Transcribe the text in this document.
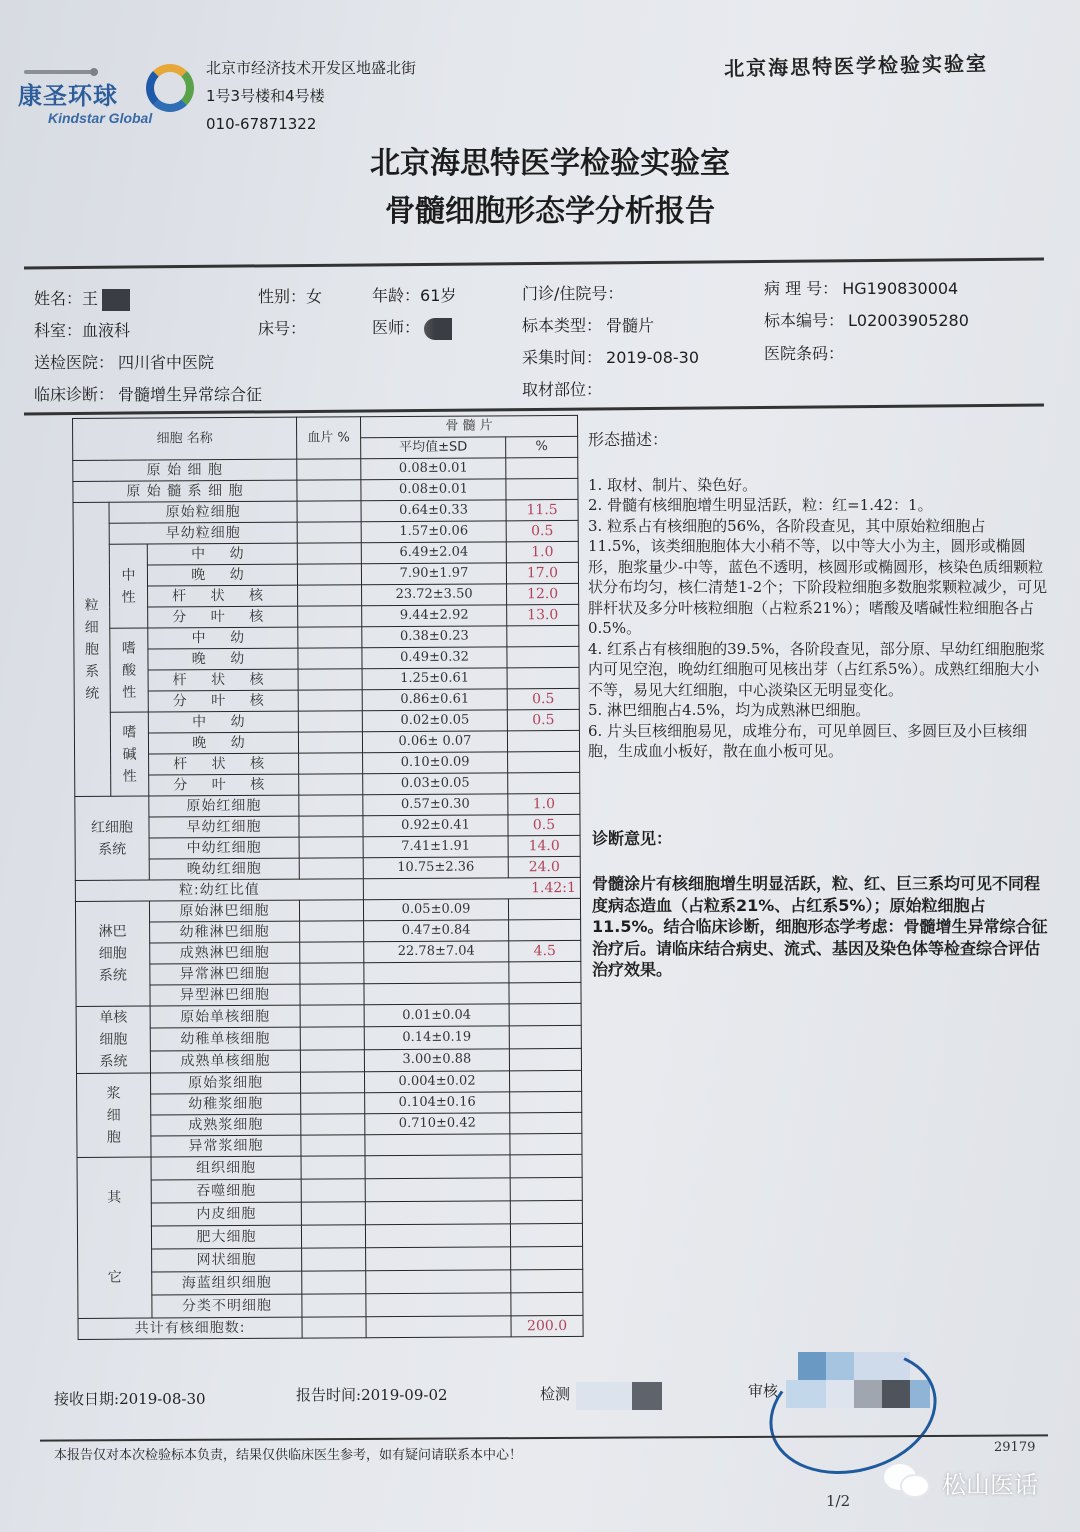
康圣环球
Kindstar Global
北京市经济技术开发区地盛北街
1号3号楼和4号楼
010-67871322
北京海思特医学检验实验室
北京海思特医学检验实验室
骨髓细胞形态学分析报告
姓名：王	性别：女	年龄：61岁	门诊/住院号：	病 理 号： HG190830004
科室：血液科	床号：	医师：	标本类型： 骨髓片	标本编号： L02003905280
送检医院： 四川省中医院	采集时间： 2019-08-30	医院条码：
临床诊断： 骨髓增生异常综合征	取材部位：
细胞 名称			血片 %	骨 髓 片	
				平均值±SD	%
原 始 细 胞				0.08±0.01	
原 始 髓 系 细 胞				0.08±0.01	
粒细胞系统	原始粒细胞			0.64±0.33	11.5
	早幼粒细胞			1.57±0.06	0.5
	中性	中 幼		6.49±2.04	1.0
		晚 幼		7.90±1.97	17.0
		杆 状 核		23.72±3.50	12.0
		分 叶 核		9.44±2.92	13.0
	嗜酸性	中 幼		0.38±0.23	
		晚 幼		0.49±0.32	
		杆 状 核		1.25±0.61	
		分 叶 核		0.86±0.61	0.5
	嗜碱性	中 幼		0.02±0.05	0.5
		晚 幼		0.06± 0.07	
		杆 状 核		0.10±0.09	
		分 叶 核		0.03±0.05	
红细胞系统		原始红细胞		0.57±0.30	1.0
		早幼红细胞		0.92±0.41	0.5
		中幼红细胞		7.41±1.91	14.0
		晚幼红细胞		10.75±2.36	24.0
粒:幼红比值				1.42:1	
淋巴细胞系统		原始淋巴细胞		0.05±0.09	
		幼稚淋巴细胞		0.47±0.84	
		成熟淋巴细胞		22.78±7.04	4.5
		异常淋巴细胞			
		异型淋巴细胞			
单核细胞系统		原始单核细胞		0.01±0.04	
		幼稚单核细胞		0.14±0.19	
		成熟单核细胞		3.00±0.88	
浆细胞		原始浆细胞		0.004±0.02	
		幼稚浆细胞		0.104±0.16	
		成熟浆细胞		0.710±0.42	
		异常浆细胞			
其它		组织细胞			
		吞噬细胞			
		内皮细胞			
		肥大细胞			
		网状细胞			
		海蓝组织细胞			
		分类不明细胞			
共计有核细胞数:					200.0
形态描述：

1. 取材、制片、染色好。

2. 骨髓有核细胞增生明显活跃，粒：红=1.42：1。

3. 粒系占有核细胞的56%，各阶段查见，其中原始粒细胞占11.5%，该类细胞胞体大小稍不等，以中等大小为主，圆形或椭圆形，胞浆量少-中等，蓝色不透明，核圆形或椭圆形，核染色质细颗粒状分布均匀，核仁清楚1-2个；下阶段粒细胞多数胞浆颗粒减少，可见胖杆状及多分叶核粒细胞（占粒系21%）；嗜酸及嗜碱性粒细胞各占0.5%。

4. 红系占有核细胞的39.5%，各阶段查见，部分原、早幼红细胞胞浆内可见空泡，晚幼红细胞可见核出芽（占红系5%）。成熟红细胞大小不等，易见大红细胞，中心淡染区无明显变化。

5. 淋巴细胞占4.5%，均为成熟淋巴细胞。

6. 片头巨核细胞易见，成堆分布，可见单圆巨、多圆巨及小巨核细胞，生成血小板好，散在血小板可见。

诊断意见：

骨髓涂片有核细胞增生明显活跃，粒、红、巨三系均可见不同程度病态造血（占粒系21%、占红系5%）；原始粒细胞占11.5%。结合临床诊断，细胞形态学考虑：骨髓增生异常综合征治疗后。请临床结合病史、流式、基因及染色体等检查综合评估治疗效果。

接收日期:2019-08-30	报告时间:2019-09-02	检测	审核
本报告仅对本次检验标本负责，结果仅供临床医生参考，如有疑问请联系本中心！
29179
1/2
松山医话
